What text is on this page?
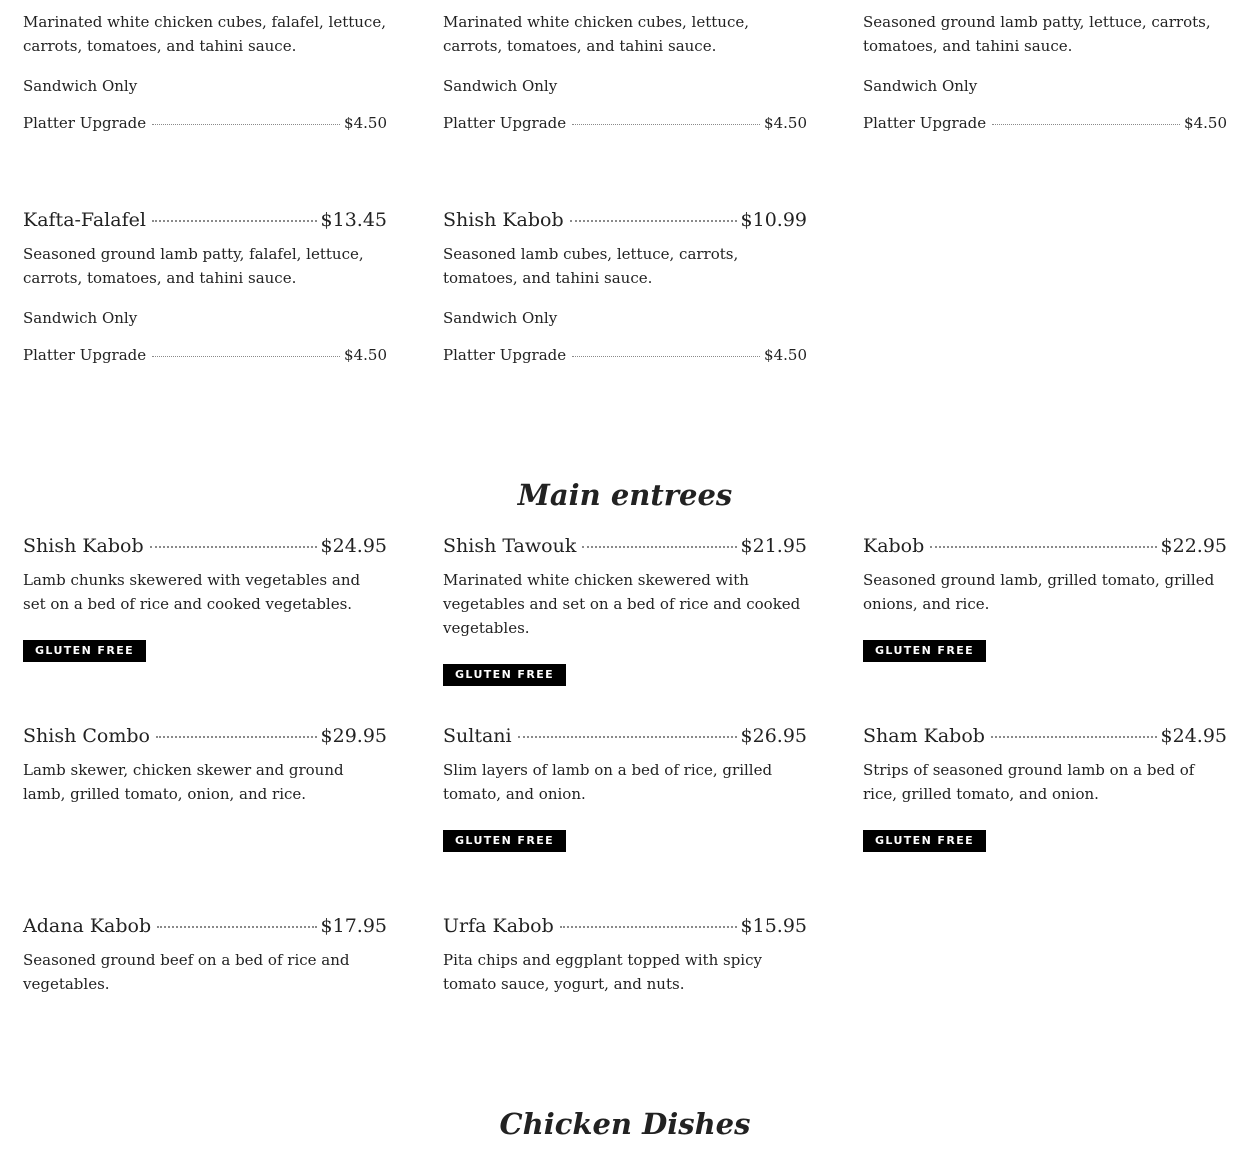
Marinated white chicken cubes, falafel, lettuce, carrots, tomatoes, and tahini sauce.

Sandwich Only
Platter Upgrade	$4.50

Marinated white chicken cubes, lettuce, carrots, tomatoes, and tahini sauce.

Sandwich Only
Platter Upgrade	$4.50

Seasoned ground lamb patty, lettuce, carrots, tomatoes, and tahini sauce.

Sandwich Only
Platter Upgrade	$4.50
Kafta-Falafel	$13.45

Seasoned ground lamb patty, falafel, lettuce, carrots, tomatoes, and tahini sauce.

Sandwich Only
Platter Upgrade	$4.50
Shish Kabob	$10.99

Seasoned lamb cubes, lettuce, carrots, tomatoes, and tahini sauce.

Sandwich Only
Platter Upgrade	$4.50
Main entrees
Shish Kabob	$24.95

Lamb chunks skewered with vegetables and set on a bed of rice and cooked vegetables.

GLUTEN FREE
Shish Tawouk	$21.95

Marinated white chicken skewered with vegetables and set on a bed of rice and cooked vegetables.

GLUTEN FREE
Kabob	$22.95

Seasoned ground lamb, grilled tomato, grilled onions, and rice.

GLUTEN FREE
Shish Combo	$29.95

Lamb skewer, chicken skewer and ground lamb, grilled tomato, onion, and rice.

Sultani	$26.95

Slim layers of lamb on a bed of rice, grilled tomato, and onion.

GLUTEN FREE
Sham Kabob	$24.95

Strips of seasoned ground lamb on a bed of rice, grilled tomato, and onion.

GLUTEN FREE
Adana Kabob	$17.95

Seasoned ground beef on a bed of rice and vegetables.

Urfa Kabob	$15.95

Pita chips and eggplant topped with spicy tomato sauce, yogurt, and nuts.

Chicken Dishes
